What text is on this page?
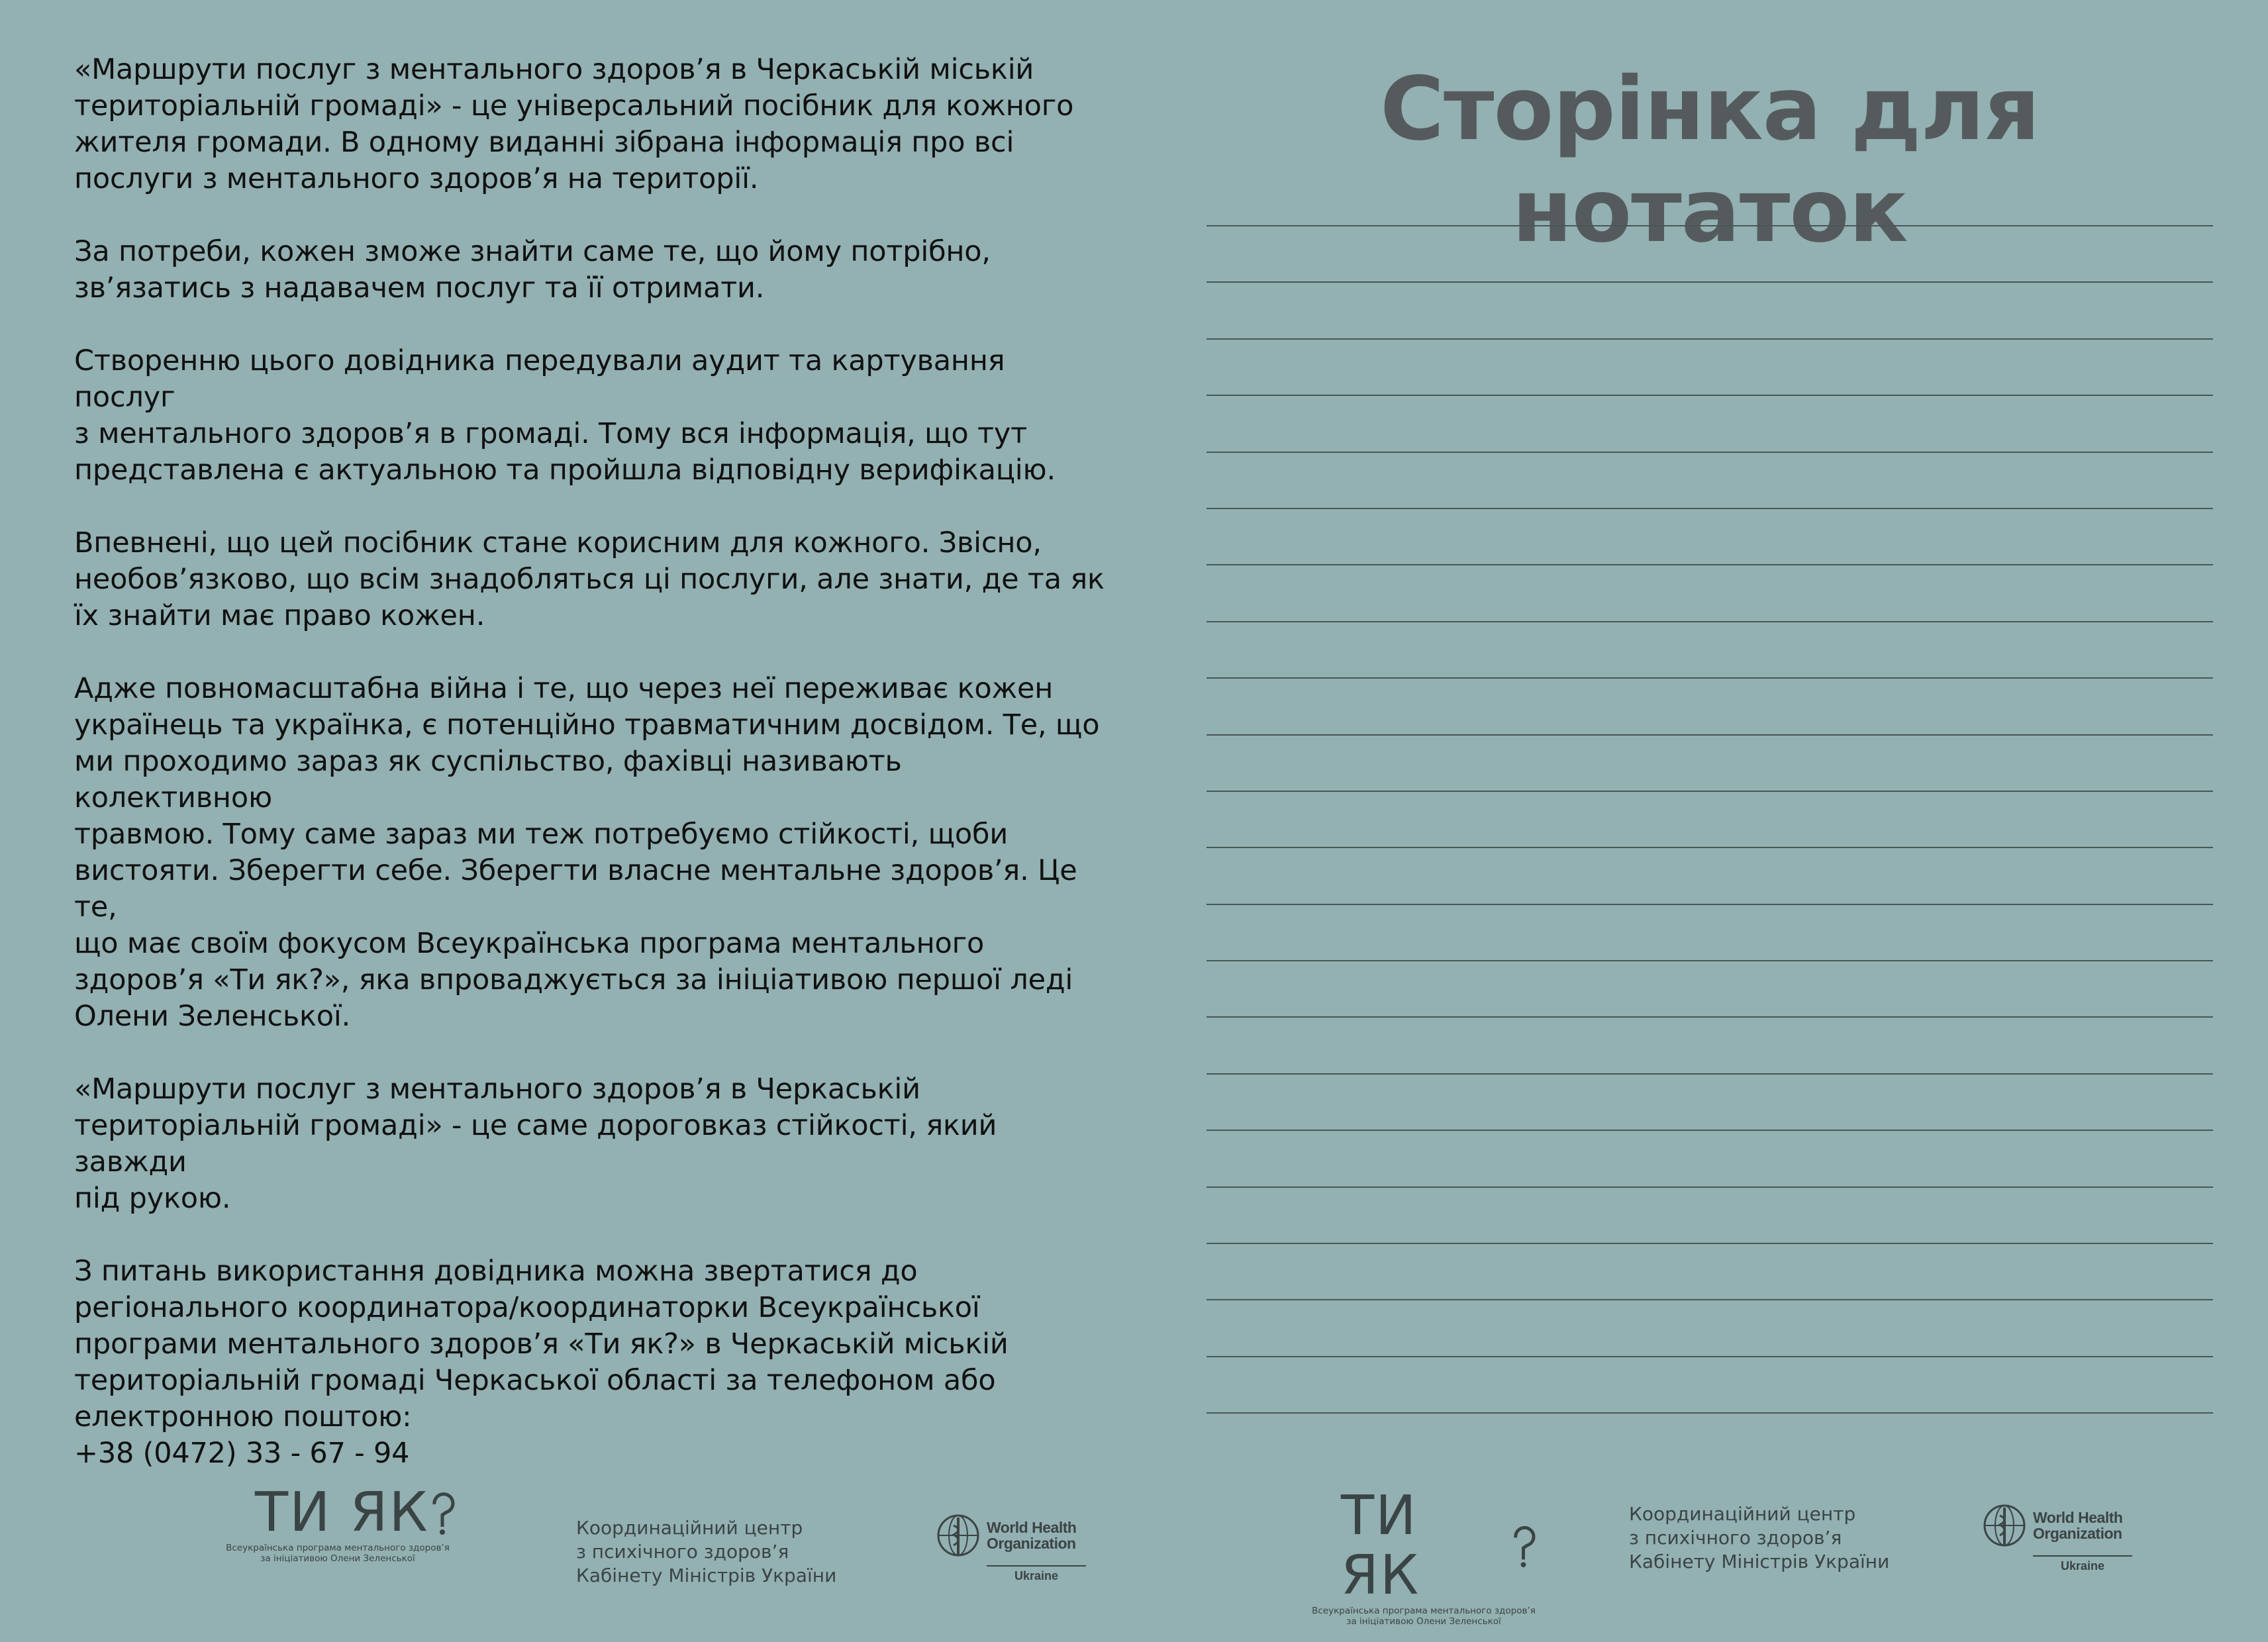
«Маршрути послуг з ментального здоров’я в Черкаській міській
територіальній громаді» - це універсальний посібник для кожного
жителя громади. В одному виданні зібрана інформація про всі
послуги з ментального здоров’я на території.

За потреби, кожен зможе знайти саме те, що йому потрібно,
зв’язатись з надавачем послуг та її отримати.

Створенню цього довідника передували аудит та картування послуг
з ментального здоров’я в громаді. Тому вся інформація, що тут
представлена є актуальною та пройшла відповідну верифікацію.

Впевнені, що цей посібник стане корисним для кожного. Звісно,
необов’язково, що всім знадобляться ці послуги, але знати, де та як
їх знайти має право кожен.

Адже повномасштабна війна і те, що через неї переживає кожен
українець та українка, є потенційно травматичним досвідом. Те, що
ми проходимо зараз як суспільство, фахівці називають колективною
травмою. Тому саме зараз ми теж потребуємо стійкості, щоби
вистояти. Зберегти себе. Зберегти власне ментальне здоров’я. Це те,
що має своїм фокусом Всеукраїнська програма ментального
здоров’я «Ти як?», яка впроваджується за ініціативою першої леді
Олени Зеленської.

«Маршрути послуг з ментального здоров’я в Черкаській
територіальній громаді» - це саме дороговказ стійкості, який завжди
під рукою.

З питань використання довідника можна звертатися до
регіонального координатора/координаторки Всеукраїнської
програми ментального здоров’я «Ти як?» в Черкаській міській
територіальній громаді Черкаської області за телефоном або
електронною поштою:
+38 (0472) 33 - 67 - 94

Сторінка для нотаток
ТИ ЯК
Всеукраїнська програма ментального здоров’я
за ініціативою Олени Зеленської
Координаційний центр
з психічного здоров’я
Кабінету Міністрів України
World Health
Organization
Ukraine
ТИ ЯК
Всеукраїнська програма ментального здоров’я
за ініціативою Олени Зеленської
Координаційний центр
з психічного здоров’я
Кабінету Міністрів України
World Health
Organization
Ukraine
